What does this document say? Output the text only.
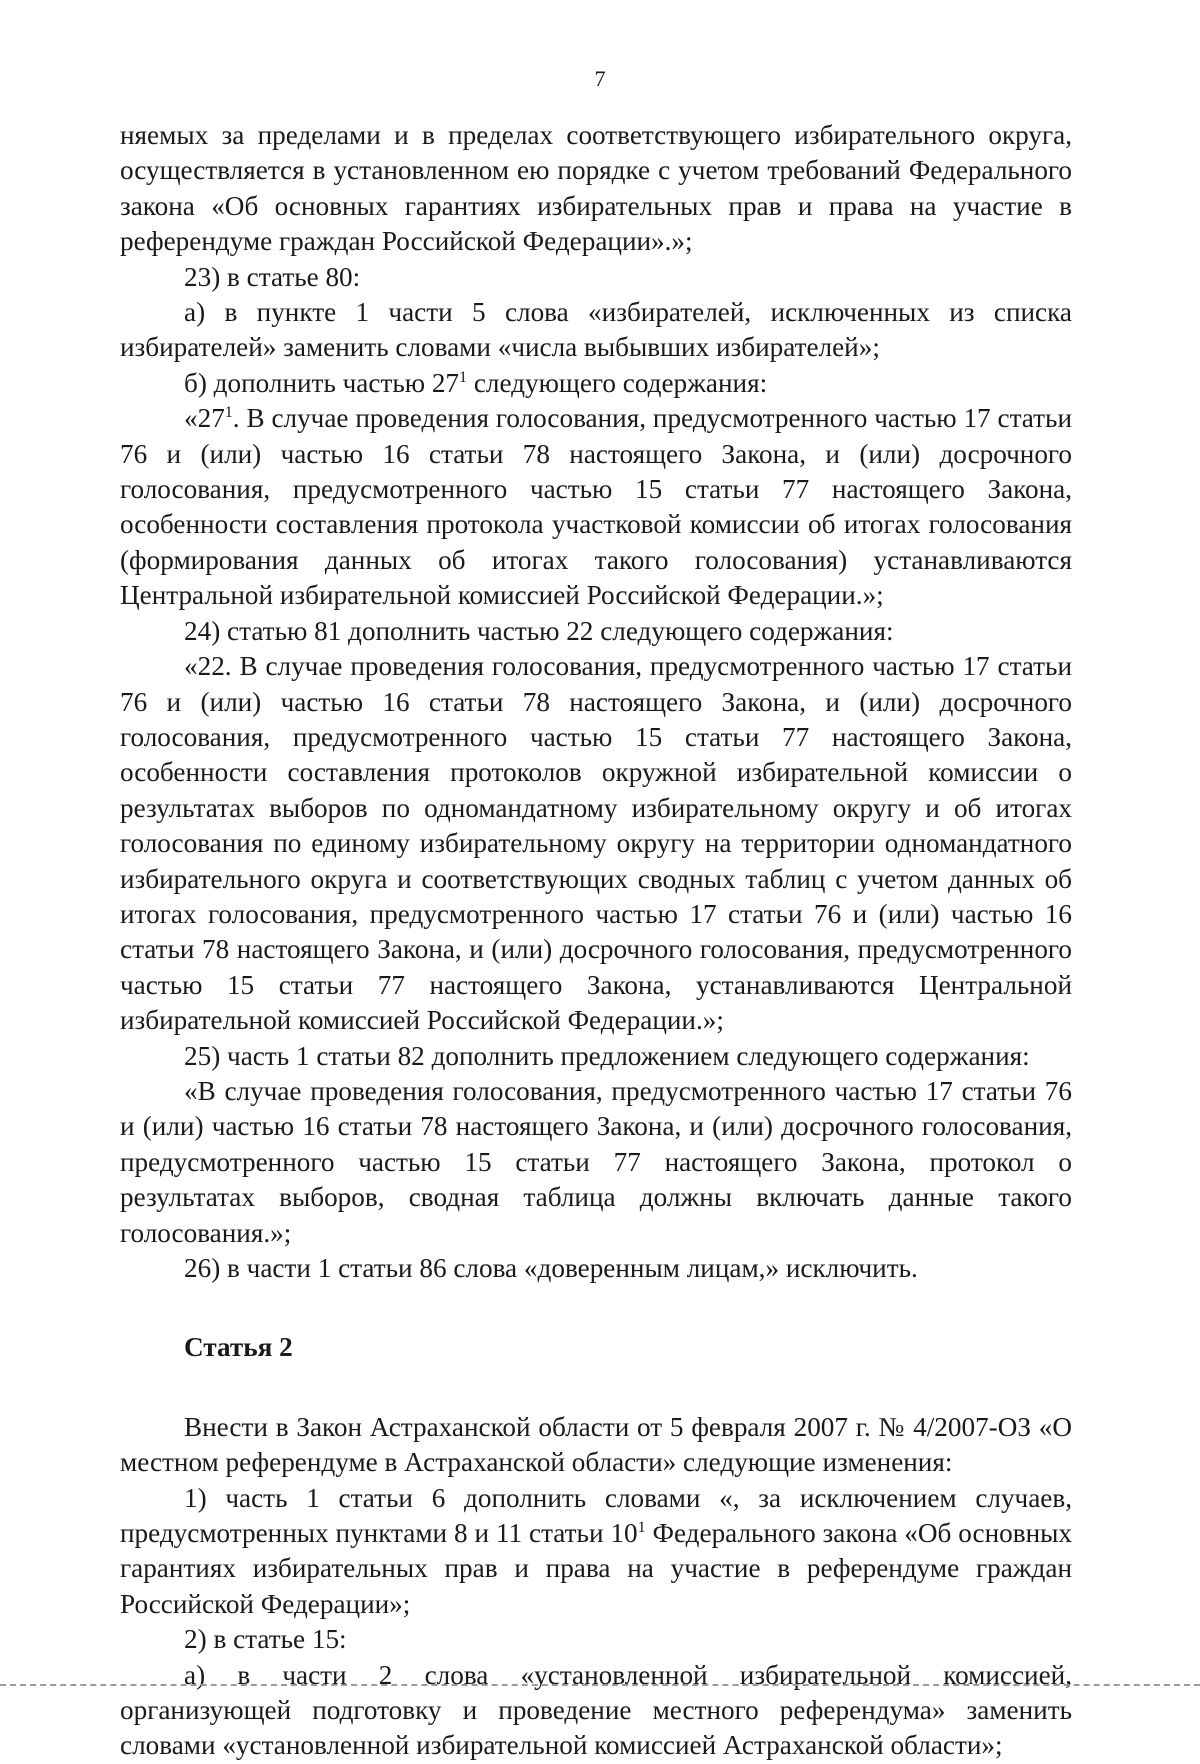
7

няемых за пределами и в пределах соответствующего избирательного округа, осуществляется в установленном ею порядке с учетом требований Федерального закона «Об основных гарантиях избирательных прав и права на участие в референдуме граждан Российской Федерации».»;

23) в статье 80:

а) в пункте 1 части 5 слова «избирателей, исключенных из списка избирателей» заменить словами «числа выбывших избирателей»;

б) дополнить частью $27^1$ следующего содержания:

«$27^1$. В случае проведения голосования, предусмотренного частью 17 статьи 76 и (или) частью 16 статьи 78 настоящего Закона, и (или) досрочного голосования, предусмотренного частью 15 статьи 77 настоящего Закона, особенности составления протокола участковой комиссии об итогах голосования (формирования данных об итогах такого голосования) устанавливаются Центральной избирательной комиссией Российской Федерации.»;

24) статью 81 дополнить частью 22 следующего содержания:

«22. В случае проведения голосования, предусмотренного частью 17 статьи 76 и (или) частью 16 статьи 78 настоящего Закона, и (или) досрочного голосования, предусмотренного частью 15 статьи 77 настоящего Закона, особенности составления протоколов окружной избирательной комиссии о результатах выборов по одномандатному избирательному округу и об итогах голосования по единому избирательному округу на территории одномандатного избирательного округа и соответствующих сводных таблиц с учетом данных об итогах голосования, предусмотренного частью 17 статьи 76 и (или) частью 16 статьи 78 настоящего Закона, и (или) досрочного голосования, предусмотренного частью 15 статьи 77 настоящего Закона, устанавливаются Центральной избирательной комиссией Российской Федерации.»;

25) часть 1 статьи 82 дополнить предложением следующего содержания:

«В случае проведения голосования, предусмотренного частью 17 статьи 76 и (или) частью 16 статьи 78 настоящего Закона, и (или) досрочного голосования, предусмотренного частью 15 статьи 77 настоящего Закона, протокол о результатах выборов, сводная таблица должны включать данные такого голосования.»;

26) в части 1 статьи 86 слова «доверенным лицам,» исключить.

Статья 2

Внести в Закон Астраханской области от 5 февраля 2007 г. № 4/2007-ОЗ «О местном референдуме в Астраханской области» следующие изменения:

1) часть 1 статьи 6 дополнить словами «, за исключением случаев, предусмотренных пунктами 8 и 11 статьи $10^1$ Федерального закона «Об основных гарантиях избирательных прав и права на участие в референдуме граждан Российской Федерации»;

2) в статье 15:

а) в части 2 слова «установленной избирательной комиссией, организующей подготовку и проведение местного референдума» заменить словами «установленной избирательной комиссией Астраханской области»;
